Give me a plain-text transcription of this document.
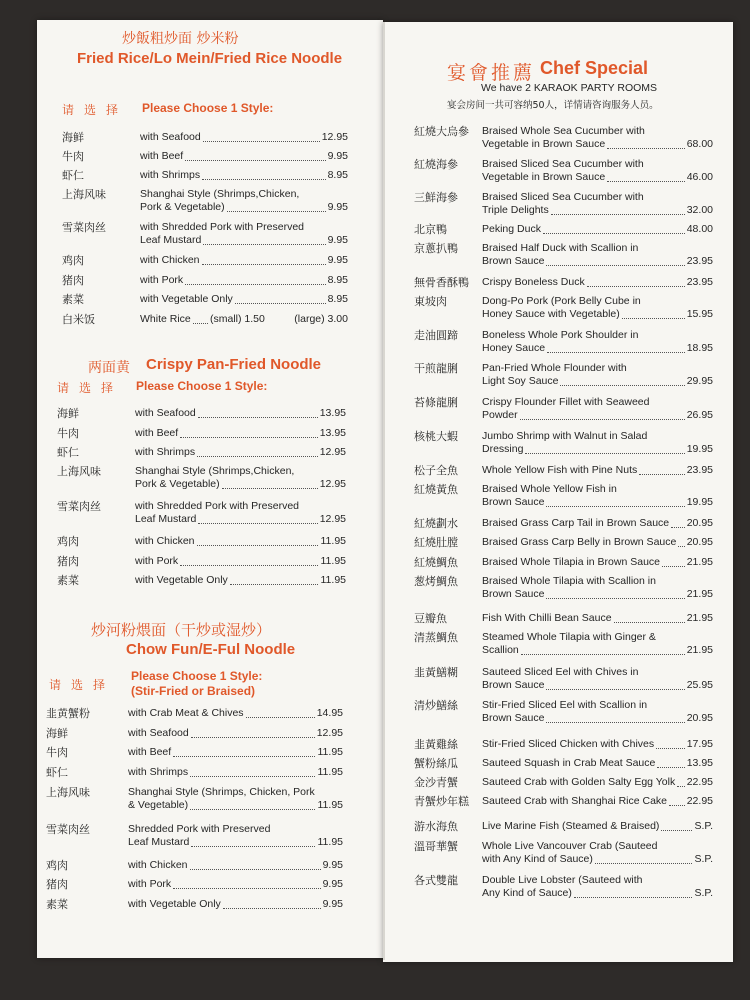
炒飯粗炒面 炒米粉
Fried Rice/Lo Mein/Fried Rice Noodle
请选择 Please Choose 1 Style:
海鲜	with Seafood	12.95
牛肉	with Beef	9.95
虾仁	with Shrimps	8.95
上海风味	Shanghai Style (Shrimps,Chicken,
Pork & Vegetable)	9.95
雪菜肉丝	with Shredded Pork with Preserved
Leaf Mustard	9.95
鸡肉	with Chicken	9.95
猪肉	with Pork	8.95
素菜	with Vegetable Only	8.95
白米饭	White Rice (small) 1.50	(large) 3.00
两面黄 Crispy Pan-Fried Noodle
请选择 Please Choose 1 Style:
海鲜	with Seafood	13.95
牛肉	with Beef	13.95
虾仁	with Shrimps	12.95
上海风味	Shanghai Style (Shrimps,Chicken,
Pork & Vegetable)	12.95
雪菜肉丝	with Shredded Pork with Preserved
Leaf Mustard	12.95
鸡肉	with Chicken	11.95
猪肉	with Pork	11.95
素菜	with Vegetable Only	11.95
炒河粉煨面（干炒或湿炒）
Chow Fun/E-Ful Noodle
请选择
Please Choose 1 Style:
(Stir-Fried or Braised)
韭黄蟹粉	with Crab Meat & Chives	14.95
海鲜	with Seafood	12.95
牛肉	with Beef	11.95
虾仁	with Shrimps	11.95
上海风味	Shanghai Style (Shrimps, Chicken, Pork
& Vegetable)	11.95
雪菜肉丝	Shredded Pork with Preserved
Leaf Mustard	11.95
鸡肉	with Chicken	9.95
猪肉	with Pork	9.95
素菜	with Vegetable Only	9.95
宴會推薦 Chef Special
We have 2 KARAOK PARTY ROOMS
宴会房间一共可容纳50人，详情请咨询服务人员。
紅燒大烏參	Braised Whole Sea Cucumber with
Vegetable in Brown Sauce	68.00
紅燒海參	Braised Sliced Sea Cucumber with
Vegetable in Brown Sauce	46.00
三鮮海參	Braised Sliced Sea Cucumber with
Triple Delights	32.00
北京鴨	Peking Duck	48.00
京蔥扒鴨	Braised Half Duck with Scallion in
Brown Sauce	23.95
無骨香酥鴨	Crispy Boneless Duck	23.95
東坡肉	Dong-Po Pork (Pork Belly Cube in
Honey Sauce with Vegetable)	15.95
走油圓蹄	Boneless Whole Pork Shoulder in
Honey Sauce	18.95
干煎龍脷	Pan-Fried Whole Flounder with
Light Soy Sauce	29.95
苔條龍脷	Crispy Flounder Fillet with Seaweed
Powder	26.95
核桃大蝦	Jumbo Shrimp with Walnut in Salad
Dressing	19.95
松子全魚	Whole Yellow Fish with Pine Nuts	23.95
紅燒黃魚	Braised Whole Yellow Fish in
Brown Sauce	19.95
紅燒劃水	Braised Grass Carp Tail in Brown Sauce 20.95
紅燒肚膛	Braised Grass Carp Belly in Brown Sauce 20.95
紅燒鯛魚	Braised Whole Tilapia in Brown Sauce	21.95
葱烤鯛魚	Braised Whole Tilapia with Scallion in
Brown Sauce	21.95
豆瓣魚	Fish With Chilli Bean Sauce	21.95
清蒸鯛魚	Steamed Whole Tilapia with Ginger &
Scallion	21.95
韭黃鱔糊	Sauteed Sliced Eel with Chives in
Brown Sauce	25.95
清炒鱔絲	Stir-Fried Sliced Eel with Scallion in
Brown Sauce	20.95
韭黃雞絲	Stir-Fried Sliced Chicken with Chives	17.95
蟹粉絲瓜	Sauteed Squash in Crab Meat Sauce	13.95
金沙青蟹	Sauteed Crab with Golden Salty Egg Yolk 22.95
青蟹炒年糕	Sauteed Crab with Shanghai Rice Cake 22.95
游水海魚	Live Marine Fish (Steamed & Braised)	S.P.
溫哥華蟹	Whole Live Vancouver Crab (Sauteed
with Any Kind of Sauce)	S.P.
各式雙龍	Double Live Lobster (Sauteed with
Any Kind of Sauce)	S.P.
